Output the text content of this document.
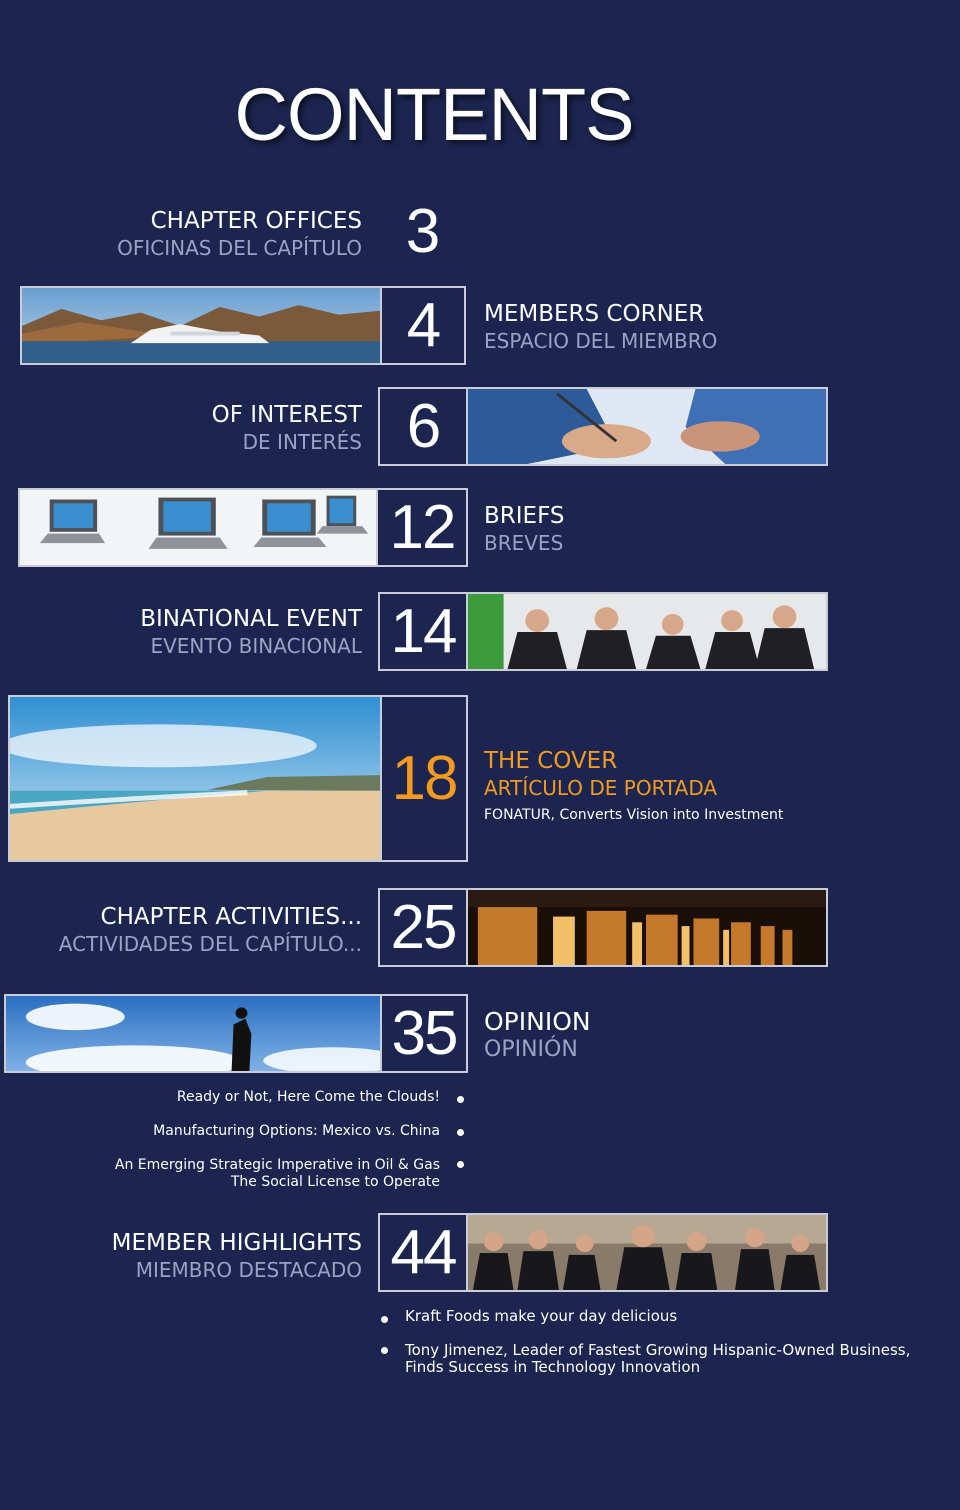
CONTENTS
CHAPTER OFFICES
OFICINAS DEL CAPÍTULO 3
4	MEMBERS CORNER
ESPACIO DEL MIEMBRO
OF INTEREST
DE INTERÉS 6
12	BRIEFS
BREVES
BINATIONAL EVENT
EVENTO BINACIONAL 14
18	THE COVER
ARTÍCULO DE PORTADA
FONATUR, Converts Vision into Investment
CHAPTER ACTIVITIES...
ACTIVIDADES DEL CAPÍTULO... 25
35	OPINION
OPINIÓN
Ready or Not, Here Come the Clouds!
Manufacturing Options: Mexico vs. China
An Emerging Strategic Imperative in Oil & Gas
The Social License to Operate
MEMBER HIGHLIGHTS
MIEMBRO DESTACADO 44
Kraft Foods make your day delicious
Tony Jimenez, Leader of Fastest Growing Hispanic-Owned Business,
Finds Success in Technology Innovation
